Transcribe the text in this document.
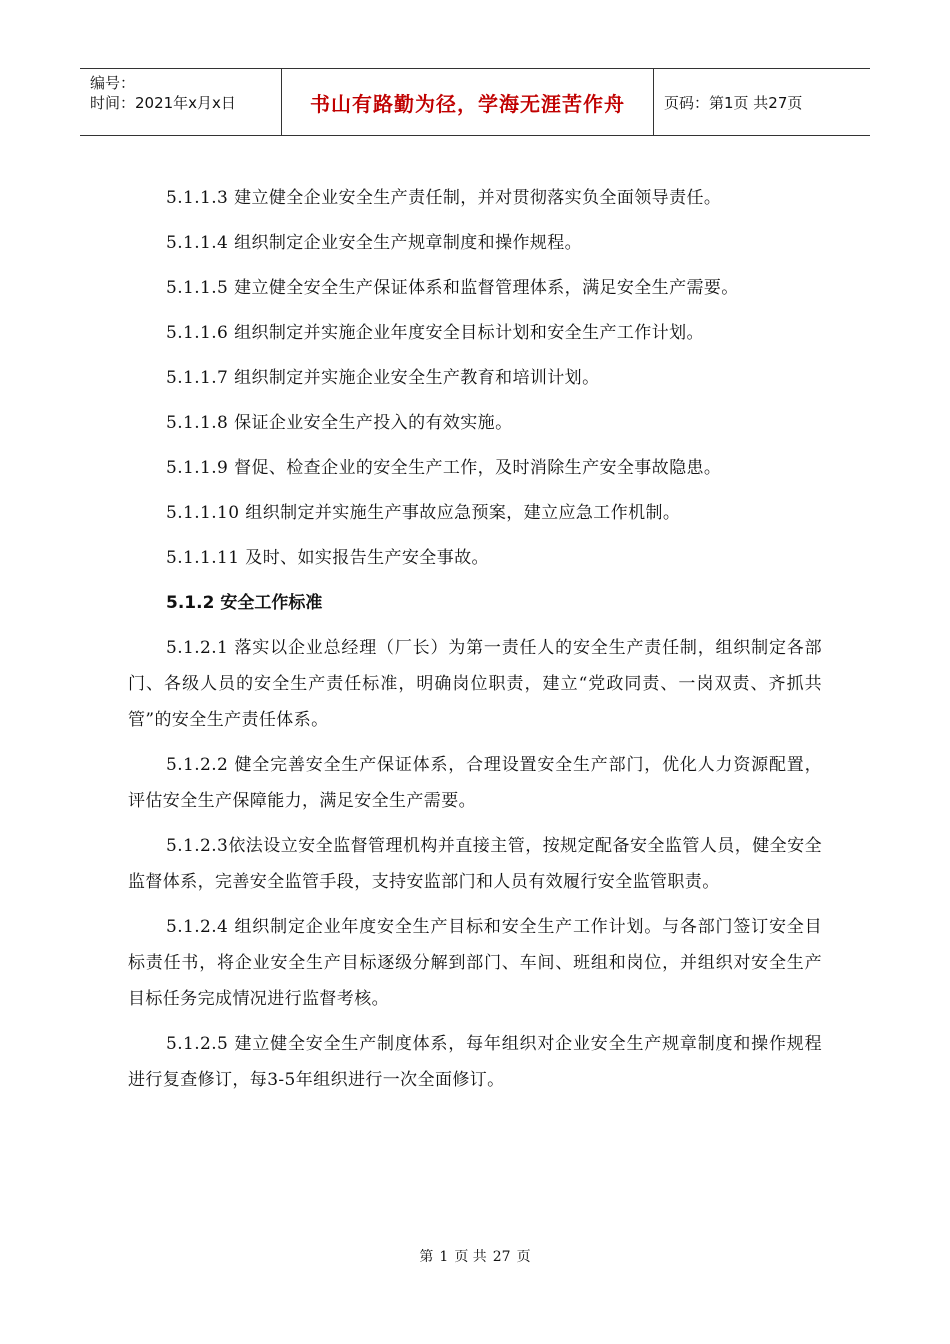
编号：
时间：2021年x月x日	书山有路勤为径，学海无涯苦作舟	页码：第1页 共27页

5.1.1.3 建立健全企业安全生产责任制，并对贯彻落实负全面领导责任。

5.1.1.4 组织制定企业安全生产规章制度和操作规程。

5.1.1.5 建立健全安全生产保证体系和监督管理体系，满足安全生产需要。

5.1.1.6 组织制定并实施企业年度安全目标计划和安全生产工作计划。

5.1.1.7 组织制定并实施企业安全生产教育和培训计划。

5.1.1.8 保证企业安全生产投入的有效实施。

5.1.1.9 督促、检查企业的安全生产工作，及时消除生产安全事故隐患。

5.1.1.10 组织制定并实施生产事故应急预案，建立应急工作机制。

5.1.1.11 及时、如实报告生产安全事故。

5.1.2 安全工作标准

5.1.2.1 落实以企业总经理（厂长）为第一责任人的安全生产责任制，组织制定各部门、各级人员的安全生产责任标准，明确岗位职责，建立“党政同责、一岗双责、齐抓共管”的安全生产责任体系。

5.1.2.2 健全完善安全生产保证体系，合理设置安全生产部门，优化人力资源配置，评估安全生产保障能力，满足安全生产需要。

5.1.2.3依法设立安全监督管理机构并直接主管，按规定配备安全监管人员，健全安全监督体系，完善安全监管手段，支持安监部门和人员有效履行安全监管职责。

5.1.2.4 组织制定企业年度安全生产目标和安全生产工作计划。与各部门签订安全目标责任书，将企业安全生产目标逐级分解到部门、车间、班组和岗位，并组织对安全生产目标任务完成情况进行监督考核。

5.1.2.5 建立健全安全生产制度体系，每年组织对企业安全生产规章制度和操作规程进行复查修订，每3-5年组织进行一次全面修订。

第 1 页 共 27 页
